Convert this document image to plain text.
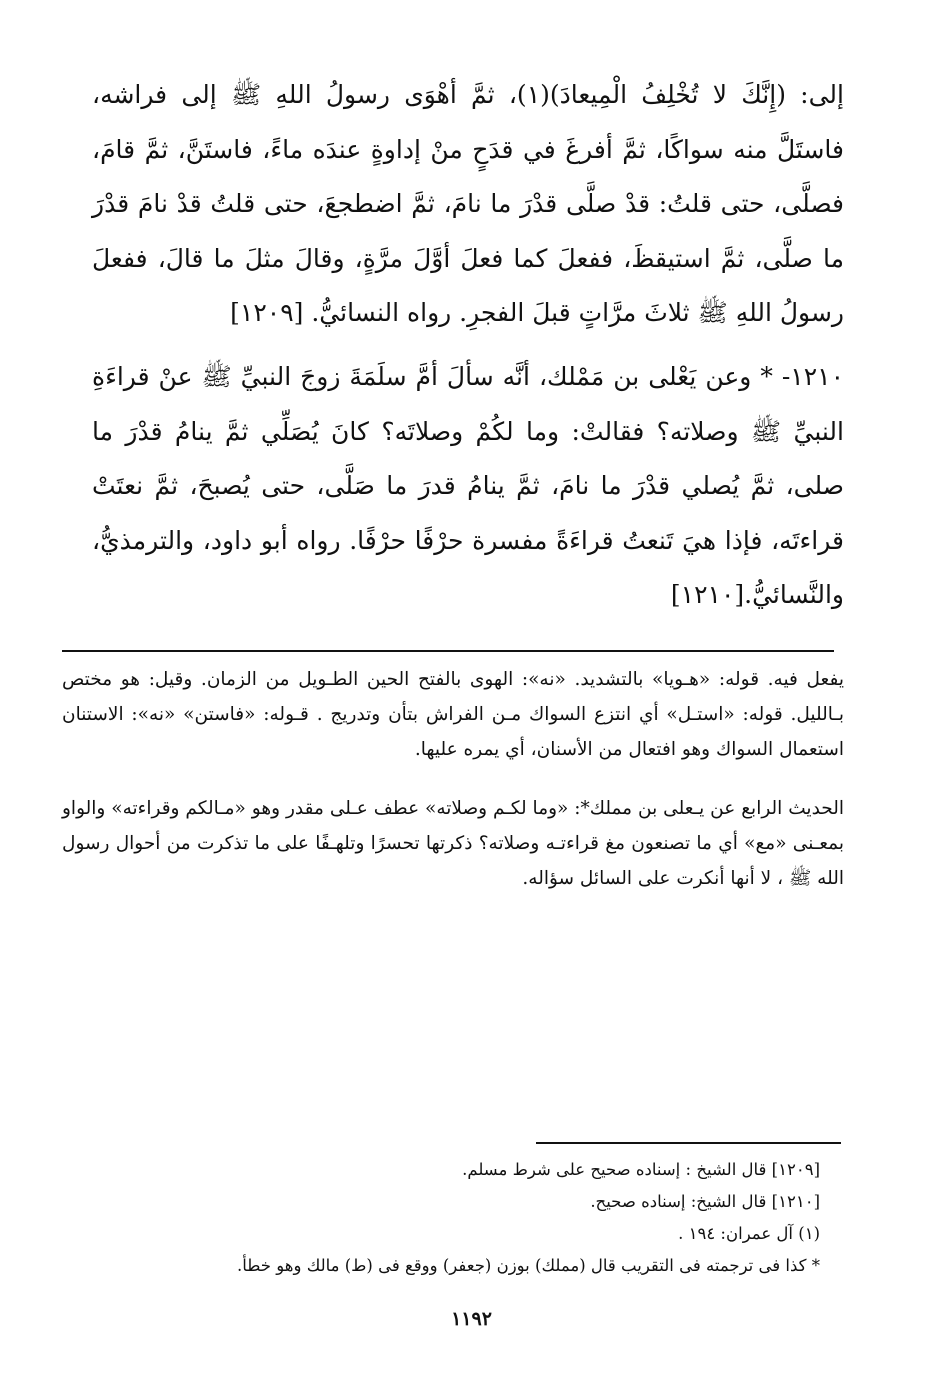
إلى: (إِنَّكَ لا تُخْلِفُ الْمِيعادَ)(١)، ثمَّ أهْوَى رسولُ اللهِ ﷺ إلى فراشه، فاستَلَّ منه سواكًا، ثمَّ أفرغَ في قدَحٍ منْ إداوةٍ عندَه ماءً، فاستَنَّ، ثمَّ قامَ، فصلَّى، حتى قلتُ: قدْ صلَّى قدْرَ ما نامَ، ثمَّ اضطجعَ، حتى قلتُ قدْ نامَ قدْرَ ما صلَّى، ثمَّ استيقظَ، ففعلَ كما فعلَ أوَّلَ مرَّةٍ، وقالَ مثلَ ما قالَ، ففعلَ رسولُ اللهِ ﷺ ثلاثَ مرَّاتٍ قبلَ الفجرِ. رواه النسائيُّ. [١٢٠٩]

١٢١٠- * وعن يَعْلى بن مَمْلك، أنَّه سألَ أمَّ سلَمَةَ زوجَ النبيِّ ﷺ عنْ قراءَةِ النبيِّ ﷺ وصلاته؟ فقالتْ: وما لكُمْ وصلاتَه؟ كانَ يُصَلِّي ثمَّ ينامُ قدْرَ ما صلى، ثمَّ يُصلي قدْرَ ما نامَ، ثمَّ ينامُ قدرَ ما صَلَّى، حتى يُصبحَ، ثمَّ نعتَتْ قراءتَه، فإذا هيَ تَنعتُ قراءَةً مفسرة حرْفًا حرْفًا. رواه أبو داود، والترمذيُّ، والنَّسائيُّ.[١٢١٠]

يفعل فيه. قوله: «هـويا» بالتشديد. «نه»: الهوى بالفتح الحين الطـويل من الزمان. وقيل: هو مختص بـالليل. قوله: «استـل» أي انتزع السواك مـن الفراش بتأن وتدريج . قـوله: «فاستن» «نه»: الاستنان استعمال السواك وهو افتعال من الأسنان، أي يمره عليها.

الحديث الرابع عن يـعلى بن مملك*: «وما لكـم وصلاته» عطف عـلى مقدر وهو «مـالكم وقراءته» والواو بمعـنى «مع» أي ما تصنعون مغ قراءتـه وصلاته؟ ذكرتها تحسرًا وتلهـفًا على ما تذكرت من أحوال رسول الله ﷺ ، لا أنها أنكرت على السائل سؤاله.

[١٢٠٩] قال الشيخ : إسناده صحيح على شرط مسلم.
[١٢١٠] قال الشيخ: إسناده صحيح.
(١) آل عمران: ١٩٤ .
* كذا فى ترجمته فى التقريب قال (مملك) بوزن (جعفر) ووقع فى (ط) مالك وهو خطأ.
١١٩٢
